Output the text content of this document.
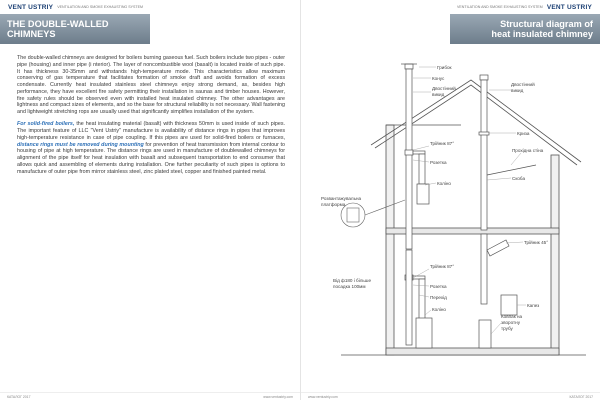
VENT USTRIY VENTILATION AND SMOKE EXHAUSTING SYSTEM
THE DOUBLE-WALLED
CHIMNEYS

The double-walled chimneys are designed for boilers burning gaseous fuel. Such boilers include two pipes - outer pipe (housing) and inner pipe (i nterior). The layer of noncombustible wool (basalt) is located inside of such pipe. It has thickness 30-35mm and withstands high-temperature mode. This characteristics allow maximum conserving of gas temperature that facilitates formation of smoke draft and avoids formation of excess condensate. Currently heat insulated stainless steel chimneys enjoy strong demand, as, besides high performance, they have excellent fire safety permitting their installation in saunas and timber houses. However, fire safety rules should be observed even with installed heat insulated chimney. The other advantages are lightness and compact sizes of elements, and so the base for structural reliability is not necessary. Wall fastening and lightweight stretching rops are usually used that significantly simplifies installation of the system.

For solid-fired boilers, the heat insulating material (basalt) with thickness 50mm is used inside of such pipes. The important feature of LLC "Vent Ustriy" manufacture is availability of distance rings in pipes that improves high-temperature resistance in case of pipe coupling. If this pipes are used for solid-fired boilers or furnaces, distance rings must be removed during mounting for prevention of heat transmission from internal contour to housing of pipe at high temperature. The distance rings are used in manufacture of doublewalled chimneys for alignment of the pipe itself for heat insulation with basalt and subsequent transportation to end consumer that allows quick and assembling of elements during installation. One further peculiarity of such pipes is options to manufacture of outer pipe from mirror stainless steel, zinc plated steel, copper and finished painted metal.

КАТАЛОГ 2017	www.ventustriy.com
VENTILATION AND SMOKE EXHAUSTING SYSTEM VENT USTRIY
Structural diagram of
heat insulated chimney
Грибок
Конус
Двостінний
викид
Двостінний
викид
Криза
Трійник 87°
Прохідна стіна
Розетка
Скоба
Коліно
Розвантажувальна
платформа
Трійник 45°
Трійник 87°
Розетка
Перехід
Капез
Коліно
Від ф180 і більше
посадка 100мм
Ковпак на
зворотну
трубу
www.ventustriy.com	КАТАЛОГ 2017
